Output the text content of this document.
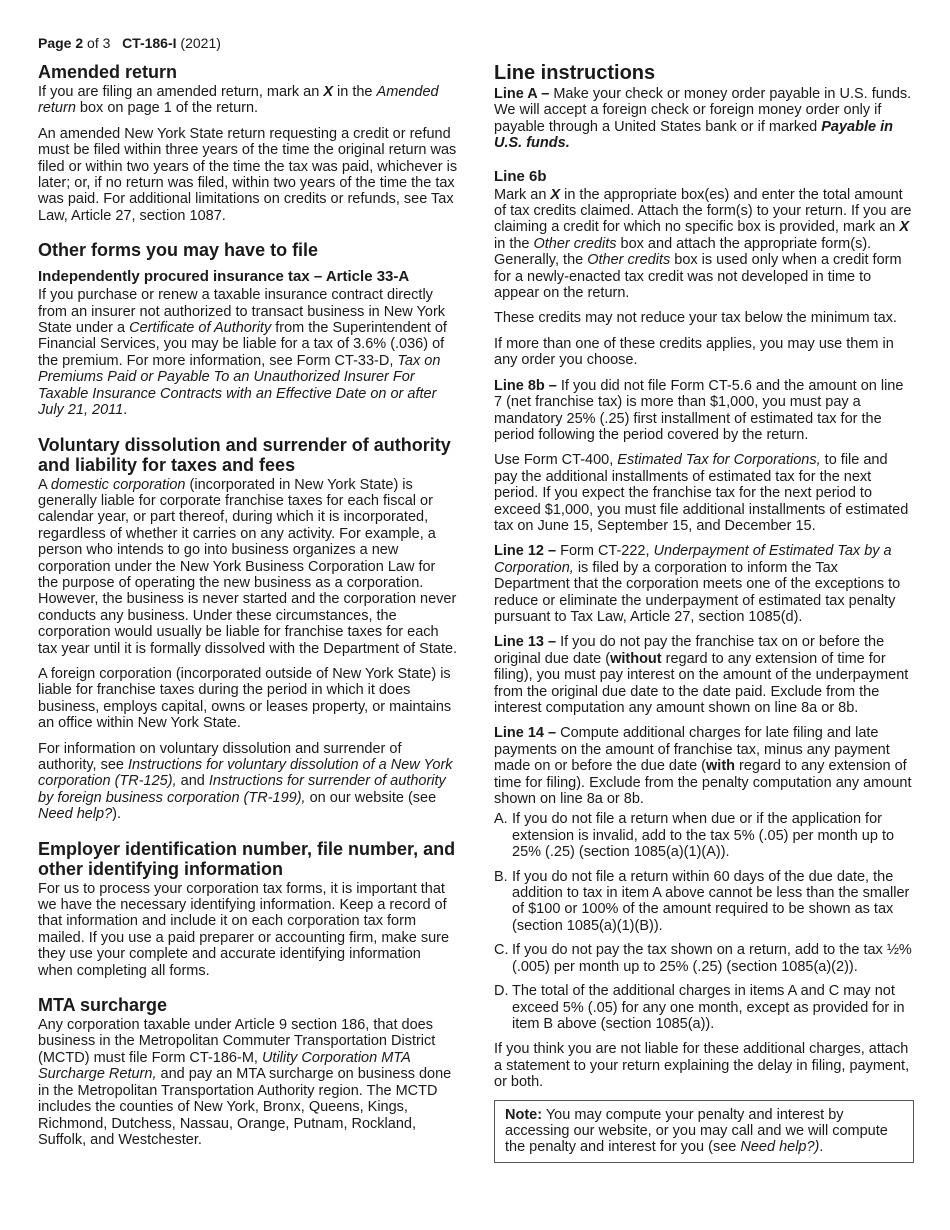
Page 2 of 3 CT-186-I (2021)
Amended return

If you are filing an amended return, mark an X in the Amended return box on page 1 of the return.

An amended New York State return requesting a credit or refund must be filed within three years of the time the original return was filed or within two years of the time the tax was paid, whichever is later; or, if no return was filed, within two years of the time the tax was paid. For additional limitations on credits or refunds, see Tax Law, Article 27, section 1087.

Other forms you may have to file
Independently procured insurance tax – Article 33-A

If you purchase or renew a taxable insurance contract directly from an insurer not authorized to transact business in New York State under a Certificate of Authority from the Superintendent of Financial Services, you may be liable for a tax of 3.6% (.036) of the premium. For more information, see Form CT-33-D, Tax on Premiums Paid or Payable To an Unauthorized Insurer For Taxable Insurance Contracts with an Effective Date on or after July 21, 2011.

Voluntary dissolution and surrender of authority and liability for taxes and fees

A domestic corporation (incorporated in New York State) is generally liable for corporate franchise taxes for each fiscal or calendar year, or part thereof, during which it is incorporated, regardless of whether it carries on any activity. For example, a person who intends to go into business organizes a new corporation under the New York Business Corporation Law for the purpose of operating the new business as a corporation. However, the business is never started and the corporation never conducts any business. Under these circumstances, the corporation would usually be liable for franchise taxes for each tax year until it is formally dissolved with the Department of State.

A foreign corporation (incorporated outside of New York State) is liable for franchise taxes during the period in which it does business, employs capital, owns or leases property, or maintains an office within New York State.

For information on voluntary dissolution and surrender of authority, see Instructions for voluntary dissolution of a New York corporation (TR-125), and Instructions for surrender of authority by foreign business corporation (TR-199), on our website (see Need help?).

Employer identification number, file number, and other identifying information

For us to process your corporation tax forms, it is important that we have the necessary identifying information. Keep a record of that information and include it on each corporation tax form mailed. If you use a paid preparer or accounting firm, make sure they use your complete and accurate identifying information when completing all forms.

MTA surcharge

Any corporation taxable under Article 9 section 186, that does business in the Metropolitan Commuter Transportation District (MCTD) must file Form CT-186-M, Utility Corporation MTA Surcharge Return, and pay an MTA surcharge on business done in the Metropolitan Transportation Authority region. The MCTD includes the counties of New York, Bronx, Queens, Kings, Richmond, Dutchess, Nassau, Orange, Putnam, Rockland, Suffolk, and Westchester.

Line instructions

Line A – Make your check or money order payable in U.S. funds. We will accept a foreign check or foreign money order only if payable through a United States bank or if marked Payable in U.S. funds.

Line 6b

Mark an X in the appropriate box(es) and enter the total amount of tax credits claimed. Attach the form(s) to your return. If you are claiming a credit for which no specific box is provided, mark an X in the Other credits box and attach the appropriate form(s). Generally, the Other credits box is used only when a credit form for a newly-enacted tax credit was not developed in time to appear on the return.

These credits may not reduce your tax below the minimum tax.

If more than one of these credits applies, you may use them in any order you choose.

Line 8b – If you did not file Form CT-5.6 and the amount on line 7 (net franchise tax) is more than $1,000, you must pay a mandatory 25% (.25) first installment of estimated tax for the period following the period covered by the return.

Use Form CT-400, Estimated Tax for Corporations, to file and pay the additional installments of estimated tax for the next period. If you expect the franchise tax for the next period to exceed $1,000, you must file additional installments of estimated tax on June 15, September 15, and December 15.

Line 12 – Form CT-222, Underpayment of Estimated Tax by a Corporation, is filed by a corporation to inform the Tax Department that the corporation meets one of the exceptions to reduce or eliminate the underpayment of estimated tax penalty pursuant to Tax Law, Article 27, section 1085(d).

Line 13 – If you do not pay the franchise tax on or before the original due date (without regard to any extension of time for filing), you must pay interest on the amount of the underpayment from the original due date to the date paid. Exclude from the interest computation any amount shown on line 8a or 8b.

Line 14 – Compute additional charges for late filing and late payments on the amount of franchise tax, minus any payment made on or before the due date (with regard to any extension of time for filing). Exclude from the penalty computation any amount shown on line 8a or 8b.

A. If you do not file a return when due or if the application for extension is invalid, add to the tax 5% (.05) per month up to 25% (.25) (section 1085(a)(1)(A)).
B. If you do not file a return within 60 days of the due date, the addition to tax in item A above cannot be less than the smaller of $100 or 100% of the amount required to be shown as tax (section 1085(a)(1)(B)).
C. If you do not pay the tax shown on a return, add to the tax ½% (.005) per month up to 25% (.25) (section 1085(a)(2)).
D. The total of the additional charges in items A and C may not exceed 5% (.05) for any one month, except as provided for in item B above (section 1085(a)).

If you think you are not liable for these additional charges, attach a statement to your return explaining the delay in filing, payment, or both.

Note: You may compute your penalty and interest by accessing our website, or you may call and we will compute the penalty and interest for you (see Need help?).
